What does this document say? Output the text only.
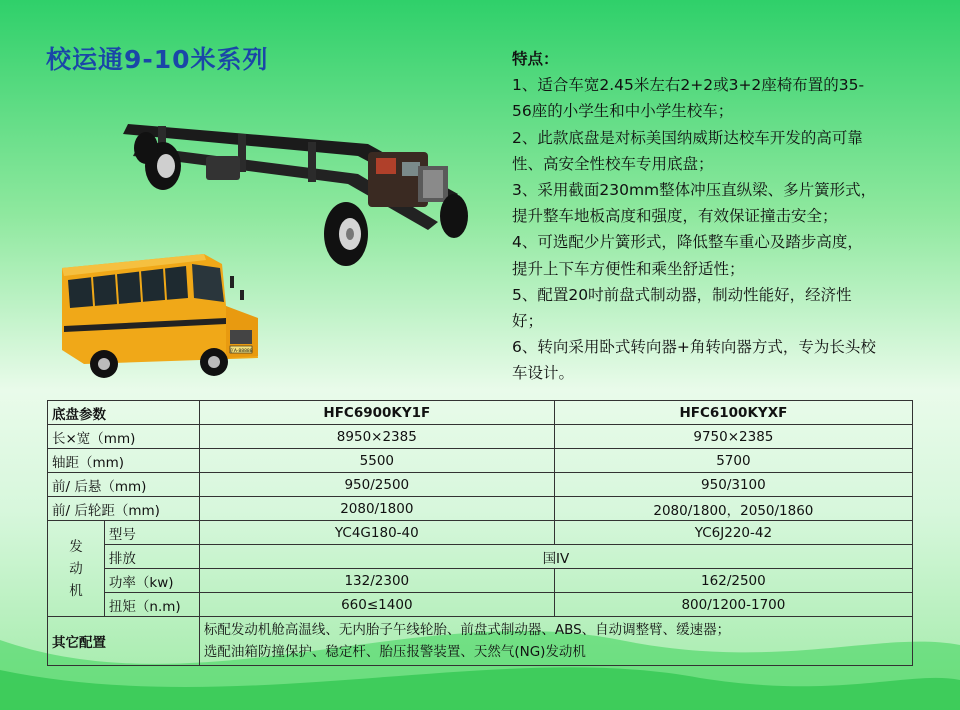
校运通9-10米系列	特点：
1、适合车宽2.45米左右2+2或3+2座椅布置的35-
56座的小学生和中小学生校车；
2、此款底盘是对标美国纳威斯达校车开发的高可靠
性、高安全性校车专用底盘；
3、采用截面230mm整体冲压直纵梁、多片簧形式，
提升整车地板高度和强度，有效保证撞击安全；
4、可选配少片簧形式，降低整车重心及踏步高度，
提升上下车方便性和乘坐舒适性；
5、配置20吋前盘式制动器，制动性能好，经济性
好；
6、转向采用卧式转向器+角转向器方式，专为长头校
车设计。
京A·88888
底盘参数		HFC6900KY1F	HFC6100KYXF
长×宽（mm)		8950×2385	9750×2385
轴距（mm)		5500	5700
前/ 后悬（mm)		950/2500	950/3100
前/ 后轮距（mm)		2080/1800	2080/1800，2050/1860

发
动
机	型号	YC4G180-40	YC6J220-42
	排放	国IV	
	功率（kw)	132/2300	162/2500
	扭矩（n.m)	660≤1400	800/1200-1700
其它配置		标配发动机舱高温线、无内胎子午线轮胎、前盘式制动器、ABS、自动调整臂、缓速器；
选配油箱防撞保护、稳定杆、胎压报警装置、天然气(NG)发动机	
